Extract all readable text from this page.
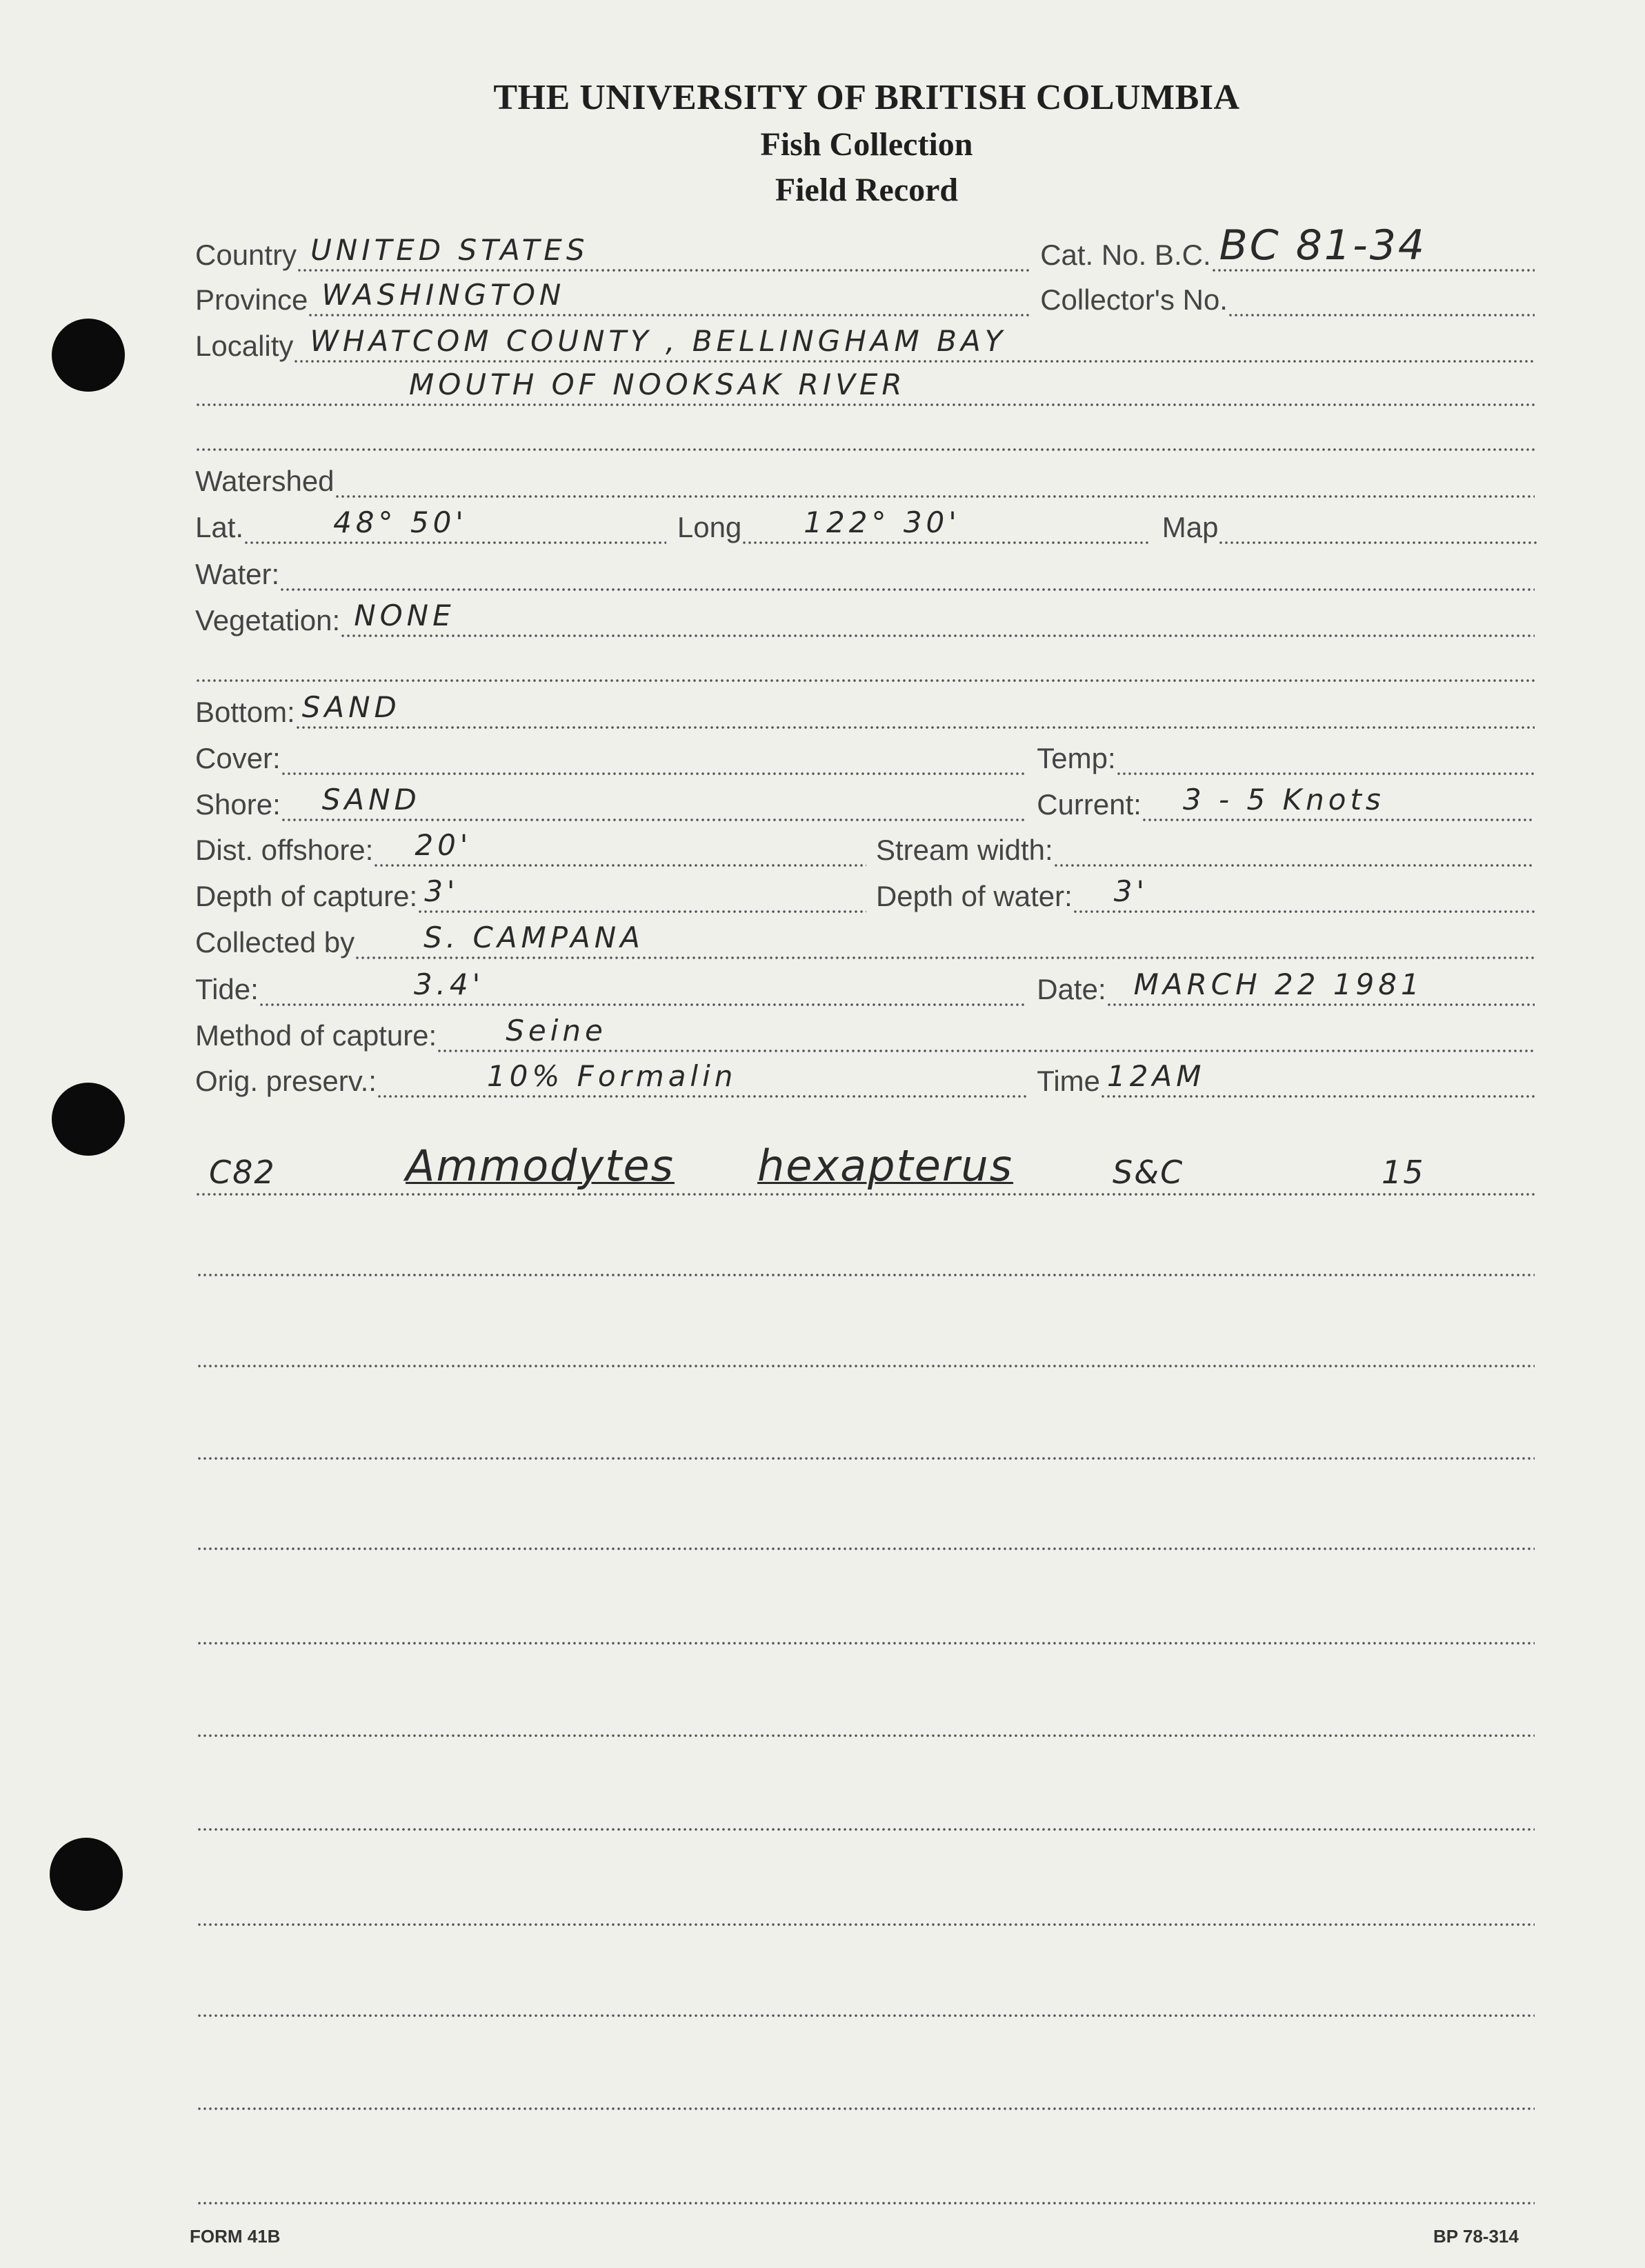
THE UNIVERSITY OF BRITISH COLUMBIA
Fish Collection
Field Record
Country UNITED STATES	Cat. No. B.C. BC 81-34
Province WASHINGTON	Collector's No.
Locality WHATCOM COUNTY , BELLINGHAM BAY
MOUTH OF NOOKSAK RIVER
Watershed
Lat.	48° 50'	Long 122° 30'	Map
Water:
Vegetation: NONE
Bottom: SAND
Cover:	Temp:
Shore: SAND	Current: 3 - 5 Knots
Dist. offshore: 20'	Stream width:
Depth of capture: 3'	Depth of water: 3'
Collected by S. CAMPANA
Tide:	3.4'	Date: MARCH 22 1981
Method of capture: Seine
Orig. preserv.:	10% Formalin	Time 12AM
C82	Ammodytes hexapterus	S&C	15
FORM 41B	BP 78-314
